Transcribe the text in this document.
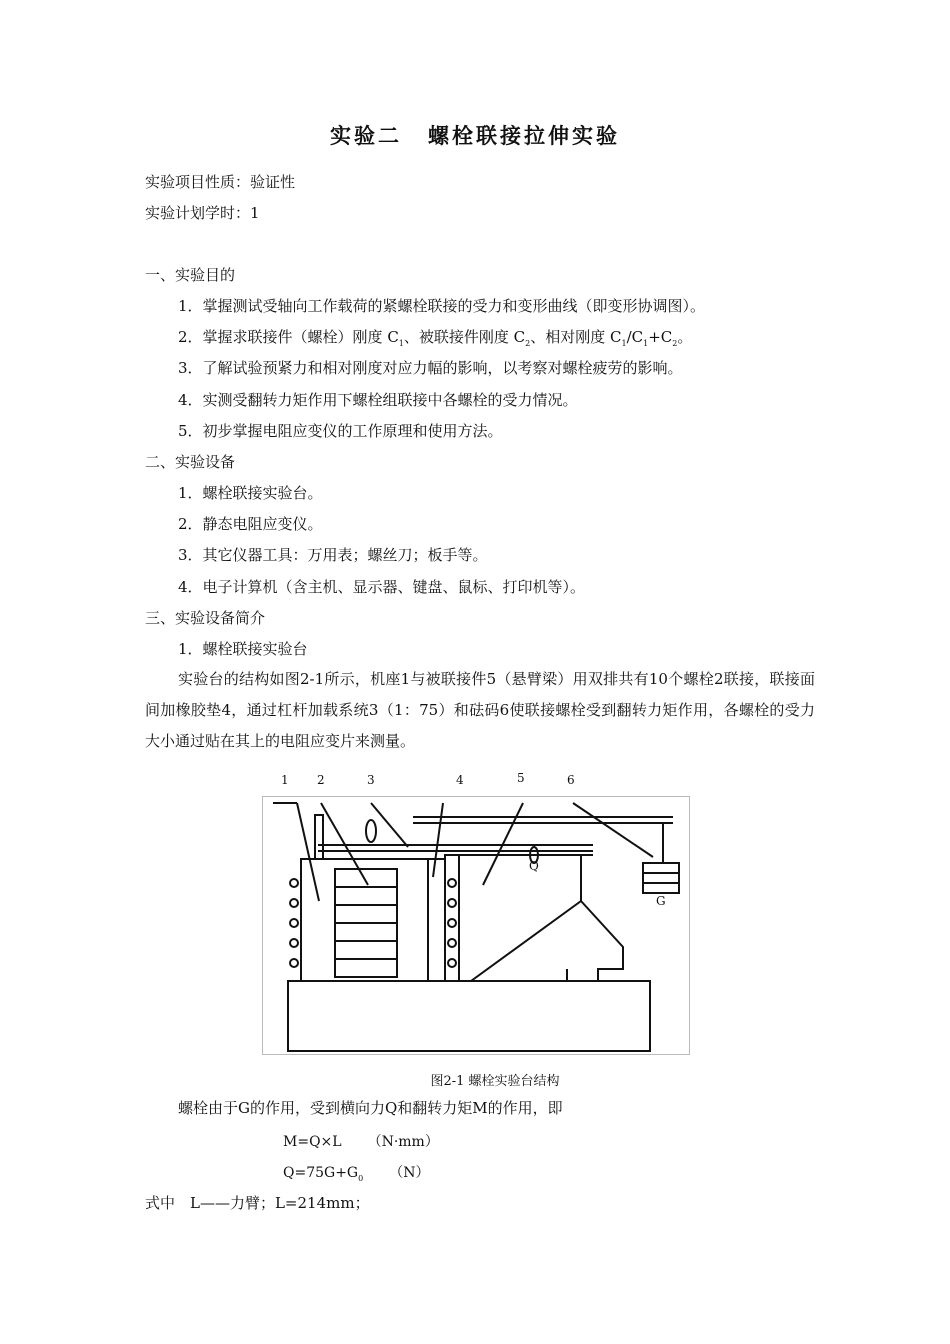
实验二 螺栓联接拉伸实验
实验项目性质：验证性
实验计划学时：1
一、实验目的
1．掌握测试受轴向工作载荷的紧螺栓联接的受力和变形曲线（即变形协调图）。
2．掌握求联接件（螺栓）刚度 $C_1$、被联接件刚度 $C_2$、相对刚度 $C_1/C_1+C_2$。
3．了解试验预紧力和相对刚度对应力幅的影响，以考察对螺栓疲劳的影响。
4．实测受翻转力矩作用下螺栓组联接中各螺栓的受力情况。
5．初步掌握电阻应变仪的工作原理和使用方法。
二、实验设备
1．螺栓联接实验台。
2．静态电阻应变仪。
3．其它仪器工具：万用表；螺丝刀；板手等。
4．电子计算机（含主机、显示器、键盘、鼠标、打印机等）。
三、实验设备简介
1．螺栓联接实验台
实验台的结构如图2-1所示，机座1与被联接件5（悬臂梁）用双排共有10个螺栓2联接，联接面间加橡胶垫4，通过杠杆加载系统3（1：75）和砝码6使联接螺栓受到翻转力矩作用，各螺栓的受力大小通过贴在其上的电阻应变片来测量。
1 2	3	4	5	6
Q
G
图2-1 螺栓实验台结构
螺栓由于G的作用，受到横向力Q和翻转力矩M的作用，即
M=Q×L （N·mm）
$Q=75G+G_0$ （N）
式中　L——力臂；L=214mm；
